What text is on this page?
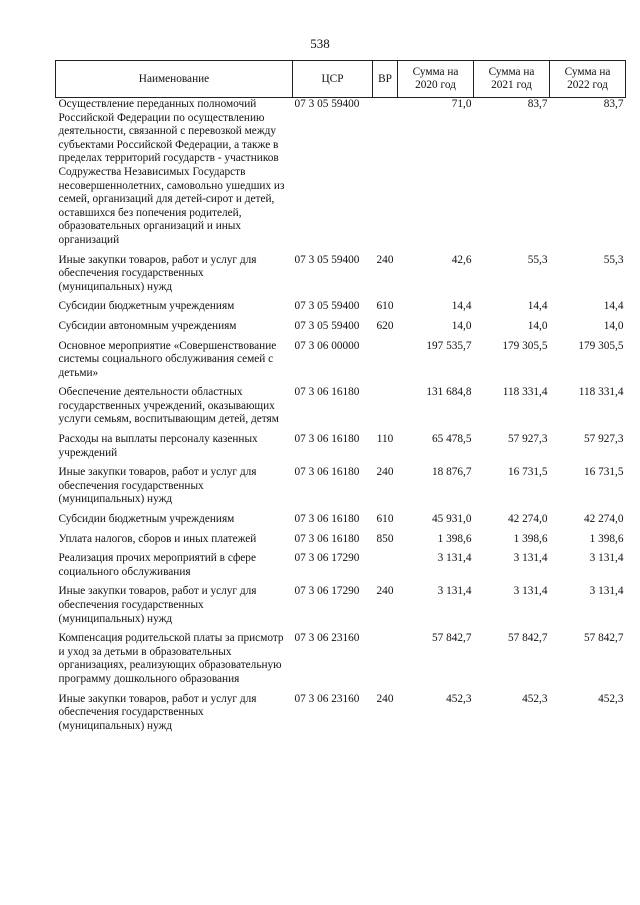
538
Наименование	ЦСР	ВР	Сумма на 2020 год	Сумма на 2021 год	Сумма на 2022 год
Осуществление переданных полномочий Российской Федерации по осуществлению деятельности, связанной с перевозкой между субъектами Российской Федерации, а также в пределах территорий государств - участников Содружества Независимых Государств несовершеннолетних, самовольно ушедших из семей, организаций для детей-сирот и детей, оставшихся без попечения родителей, образовательных организаций и иных организаций	07 3 05 59400		71,0	83,7	83,7
Иные закупки товаров, работ и услуг для обеспечения государственных (муниципальных) нужд	07 3 05 59400	240	42,6	55,3	55,3
Субсидии бюджетным учреждениям	07 3 05 59400	610	14,4	14,4	14,4
Субсидии автономным учреждениям	07 3 05 59400	620	14,0	14,0	14,0
Основное мероприятие «Совершенствование системы социального обслуживания семей с детьми»	07 3 06 00000		197 535,7	179 305,5	179 305,5
Обеспечение деятельности областных государственных учреждений, оказывающих услуги семьям, воспитывающим детей, детям	07 3 06 16180		131 684,8	118 331,4	118 331,4
Расходы на выплаты персоналу казенных учреждений	07 3 06 16180	110	65 478,5	57 927,3	57 927,3
Иные закупки товаров, работ и услуг для обеспечения государственных (муниципальных) нужд	07 3 06 16180	240	18 876,7	16 731,5	16 731,5
Субсидии бюджетным учреждениям	07 3 06 16180	610	45 931,0	42 274,0	42 274,0
Уплата налогов, сборов и иных платежей	07 3 06 16180	850	1 398,6	1 398,6	1 398,6
Реализация прочих мероприятий в сфере социального обслуживания	07 3 06 17290		3 131,4	3 131,4	3 131,4
Иные закупки товаров, работ и услуг для обеспечения государственных (муниципальных) нужд	07 3 06 17290	240	3 131,4	3 131,4	3 131,4
Компенсация родительской платы за присмотр и уход за детьми в образовательных организациях, реализующих образовательную программу дошкольного образования	07 3 06 23160		57 842,7	57 842,7	57 842,7
Иные закупки товаров, работ и услуг для обеспечения государственных (муниципальных) нужд	07 3 06 23160	240	452,3	452,3	452,3
